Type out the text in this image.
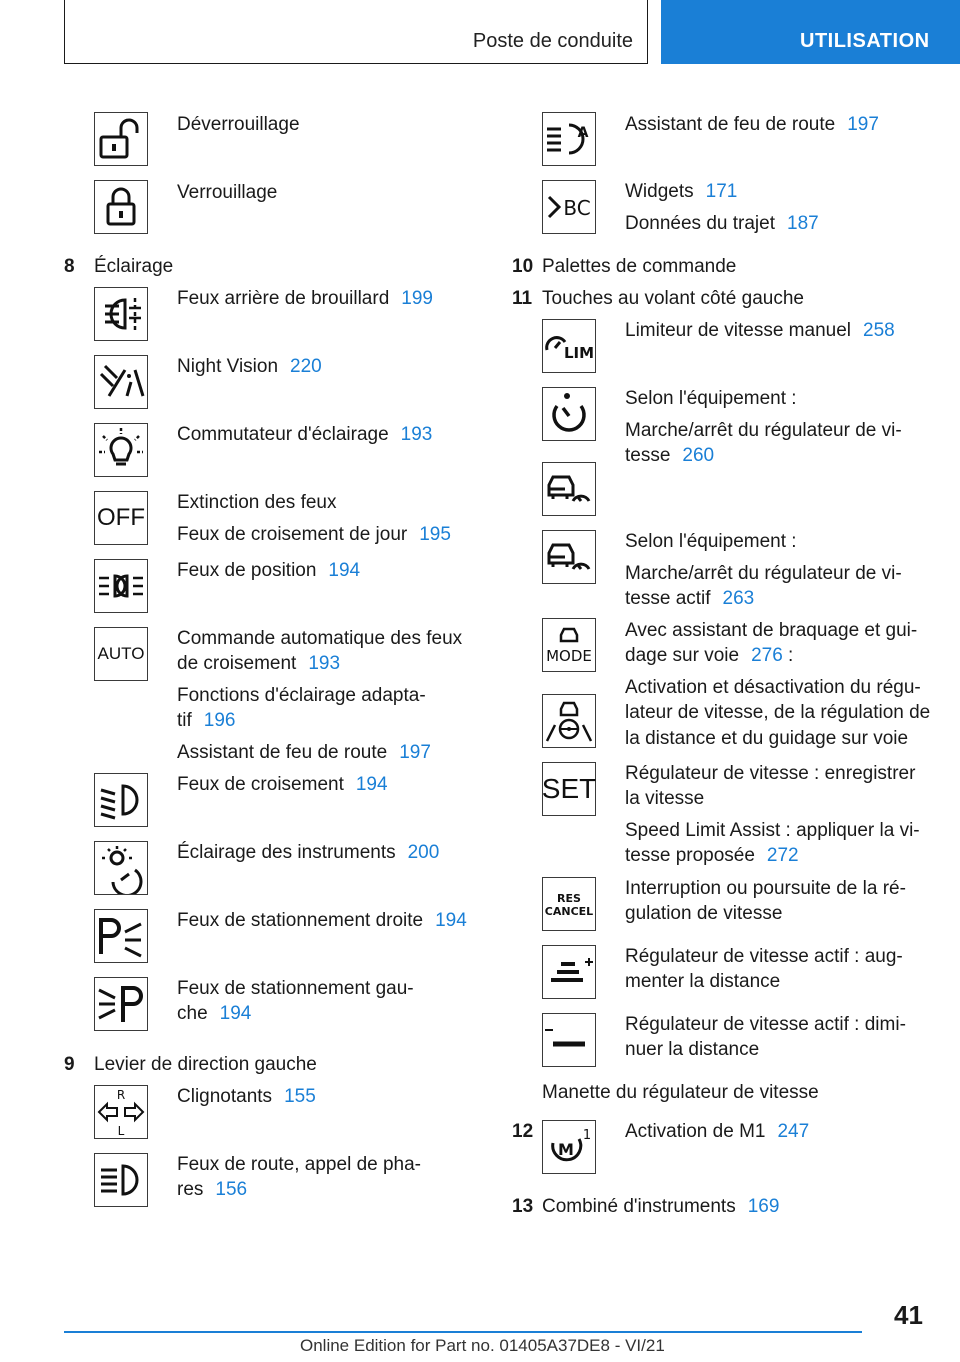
Poste de conduite	UTILISATION
Déverrouillage
Verrouillage
8 Éclairage
Feux arrière de brouillard 199
Night Vision 220
Commutateur d'éclairage 193
OFF
Extinction des feux
Feux de croisement de jour 195
Feux de position 194
AUTO
Commande automatique des feux
de croisement 193
Fonctions d'éclairage adapta-
tif 196
Assistant de feu de route 197
Feux de croisement 194
Éclairage des instruments 200
Feux de stationnement droite 194
Feux de stationnement gau-
che 194
9 Levier de direction gauche
R
L
Clignotants 155
Feux de route, appel de pha-
res 156
A Assistant de feu de route 197
BC
Widgets 171
Données du trajet 187
10 Palettes de commande
11 Touches au volant côté gauche
LIM
Limiteur de vitesse manuel 258
Selon l'équipement :
Marche/arrêt du régulateur de vi-
tesse 260
Selon l'équipement :
Marche/arrêt du régulateur de vi-
tesse actif 263
MODE
Avec assistant de braquage et gui-
dage sur voie 276 :
Activation et désactivation du régu-
lateur de vitesse, de la régulation de
la distance et du guidage sur voie
SET Régulateur de vitesse : enregistrer
la vitesse
Speed Limit Assist : appliquer la vi-
tesse proposée 272
RES
CANCEL
Interruption ou poursuite de la ré-
gulation de vitesse
Régulateur de vitesse actif : aug-
menter la distance
Régulateur de vitesse actif : dimi-
nuer la distance
Manette du régulateur de vitesse
12
M
1 Activation de M1 247
13 Combiné d'instruments 169
41
Online Edition for Part no. 01405A37DE8 - VI/21
